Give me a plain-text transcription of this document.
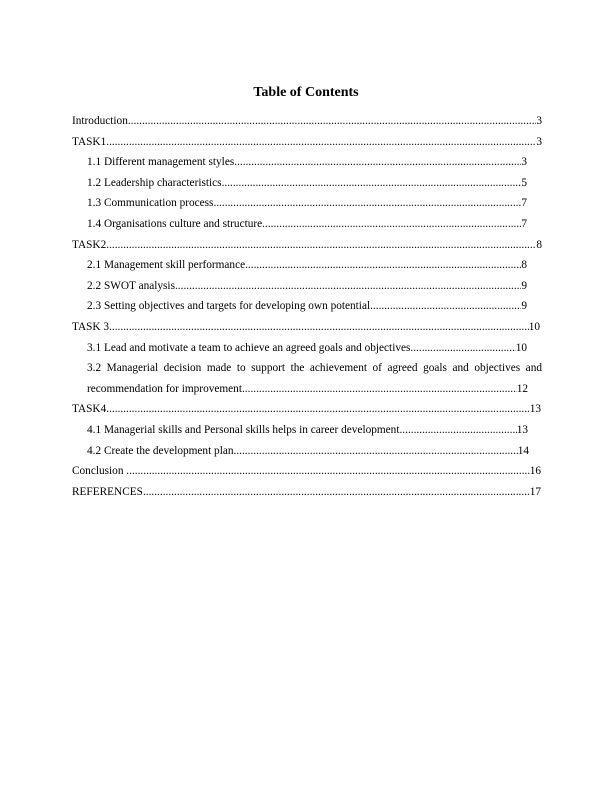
Table of Contents
Introduction .....	3
TASK1 .....	3
1.1 Different management styles .....	3
1.2 Leadership characteristics .....	5
1.3 Communication process .....	7
1.4 Organisations culture and structure .....	7
TASK2 .....	8
2.1 Management skill performance .....	8
2.2 SWOT analysis .....	9
2.3 Setting objectives and targets for developing own potential .....	9
TASK 3 .....	10
3.1 Lead and motivate a team to achieve an agreed goals and objectives .....	10
3.2 Managerial decision made to support the achievement of agreed goals and objectives and
recommendation for improvement .....	12
TASK4 .....	13
4.1 Managerial skills and Personal skills helps in career development .....	13
4.2 Create the development plan .....	14
Conclusion .....	16
REFERENCES .....	17
